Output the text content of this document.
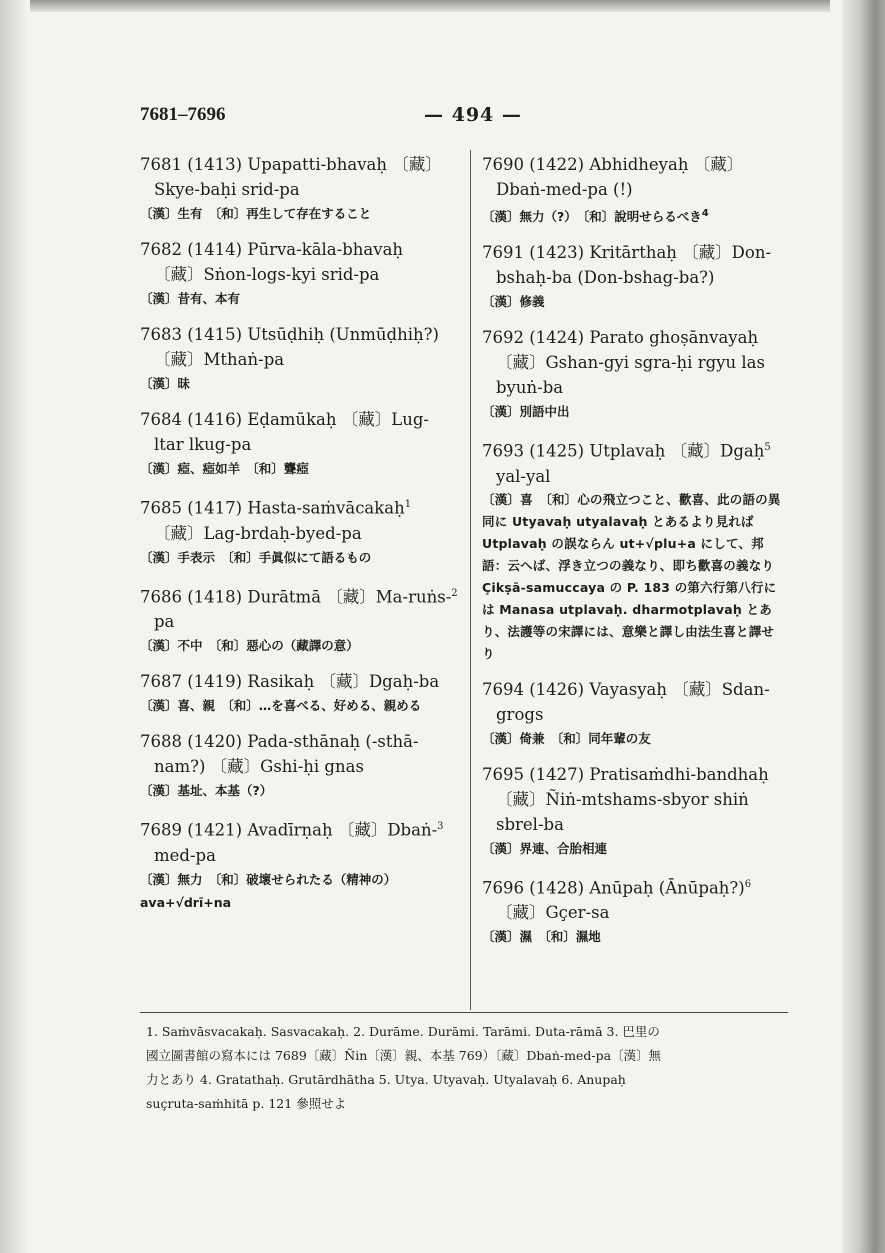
7681–7696	— 494 —

7681 (1413) Upapatti-bhavaḥ 〔藏〕

Skye-baḥi srid-pa

〔漢〕生有　〔和〕再生して存在すること

7682 (1414) Pūrva-kāla-bhavaḥ

〔藏〕Sṅon-logs-kyi srid-pa

〔漢〕昔有、本有

7683 (1415) Utsūḍhiḥ (Unmūḍhiḥ?)

〔藏〕Mthaṅ-pa

〔漢〕昧

7684 (1416) Eḍamūkaḥ 〔藏〕Lug-

ltar lkug-pa

〔漢〕瘂、瘂如羊　〔和〕聾瘂

7685 (1417) Hasta-saṁvācakaḥ$^1$

〔藏〕Lag-brdaḥ-byed-pa

〔漢〕手表示　〔和〕手眞似にて語るもの

7686 (1418) Durātmā 〔藏〕Ma-ruṅs-$^2$

pa

〔漢〕不中　〔和〕惡心の（藏譯の意）

7687 (1419) Rasikaḥ 〔藏〕Dgaḥ-ba

〔漢〕喜、親　〔和〕…を喜べる、好める、親める

7688 (1420) Pada-sthānaḥ (-sthā-

nam?) 〔藏〕Gshi-ḥi gnas

〔漢〕基址、本基（?）

7689 (1421) Avadīrṇaḥ 〔藏〕Dbaṅ-$^3$

med-pa

〔漢〕無力　〔和〕破壞せられたる（精神の）ava+√drī+na

7690 (1422) Abhidheyaḥ 〔藏〕

Dbaṅ-med-pa (!)

〔漢〕無力（?）　〔和〕說明せらるべき$^4$

7691 (1423) Kritārthaḥ 〔藏〕Don-

bshaḥ-ba (Don-bshag-ba?)

〔漢〕修義

7692 (1424) Parato ghoṣānvayaḥ

〔藏〕Gshan-gyi sgra-ḥi rgyu las byuṅ-ba

〔漢〕別語中出

7693 (1425) Utplavaḥ 〔藏〕Dgaḥ$^5$

yal-yal

〔漢〕喜　〔和〕心の飛立つこと、歡喜、此の語の異同に Utyavaḥ utyalavaḥ とあるより見れば Utplavaḥ の誤ならん ut+√plu+a にして、邦語：云へば、浮き立つの義なり、即ち歡喜の義なり Çikṣā-samuccaya の P. 183 の第六行第八行には Manasa utplavaḥ. dharmotplavaḥ とあり、法護等の宋譯には、意樂と譯し由法生喜と譯せり

7694 (1426) Vayasyaḥ 〔藏〕Sdan-

grogs

〔漢〕倚兼　〔和〕同年輩の友

7695 (1427) Pratisaṁdhi-bandhaḥ

〔藏〕Ñiṅ-mtshams-sbyor shiṅ sbrel-ba

〔漢〕界連、合胎相連

7696 (1428) Anūpaḥ (Ānūpaḥ?)$^6$

〔藏〕Gçer-sa

〔漢〕濕　〔和〕濕地

1. Saṁvāsvacakaḥ. Sasvacakaḥ. 2. Durāme. Durāmi. Tarāmi. Duta-rāmā 3. 巴里の

國立圖書館の寫本には 7689〔藏〕Ñin〔漢〕親、本基 769）〔藏〕Dbaṅ-med-pa〔漢〕無

力とあり 4. Gratathaḥ. Grutārdhātha 5. Utya. Utyavaḥ. Utyalavaḥ 6. Anupaḥ

suçruta-saṁhitā p. 121 參照せよ
